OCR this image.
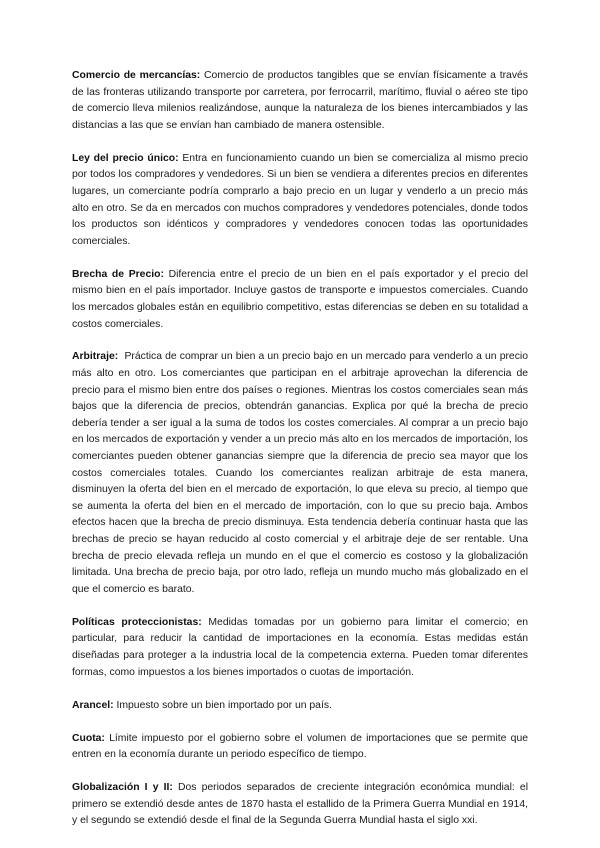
Comercio de mercancías: Comercio de productos tangibles que se envían físicamente a través de las fronteras utilizando transporte por carretera, por ferrocarril, marítimo, fluvial o aéreo ste tipo de comercio lleva milenios realizándose, aunque la naturaleza de los bienes intercambiados y las distancias a las que se envían han cambiado de manera ostensible.

Ley del precio único: Entra en funcionamiento cuando un bien se comercializa al mismo precio por todos los compradores y vendedores. Si un bien se vendiera a diferentes precios en diferentes lugares, un comerciante podría comprarlo a bajo precio en un lugar y venderlo a un precio más alto en otro. Se da en mercados con muchos compradores y vendedores potenciales, donde todos los productos son idénticos y compradores y vendedores conocen todas las oportunidades comerciales.

Brecha de Precio: Diferencia entre el precio de un bien en el país exportador y el precio del mismo bien en el país importador. Incluye gastos de transporte e impuestos comerciales. Cuando los mercados globales están en equilibrio competitivo, estas diferencias se deben en su totalidad a costos comerciales.

Arbitraje: Práctica de comprar un bien a un precio bajo en un mercado para venderlo a un precio más alto en otro. Los comerciantes que participan en el arbitraje aprovechan la diferencia de precio para el mismo bien entre dos países o regiones. Mientras los costos comerciales sean más bajos que la diferencia de precios, obtendrán ganancias. Explica por qué la brecha de precio debería tender a ser igual a la suma de todos los costes comerciales. Al comprar a un precio bajo en los mercados de exportación y vender a un precio más alto en los mercados de importación, los comerciantes pueden obtener ganancias siempre que la diferencia de precio sea mayor que los costos comerciales totales. Cuando los comerciantes realizan arbitraje de esta manera, disminuyen la oferta del bien en el mercado de exportación, lo que eleva su precio, al tiempo que se aumenta la oferta del bien en el mercado de importación, con lo que su precio baja. Ambos efectos hacen que la brecha de precio disminuya. Esta tendencia debería continuar hasta que las brechas de precio se hayan reducido al costo comercial y el arbitraje deje de ser rentable. Una brecha de precio elevada refleja un mundo en el que el comercio es costoso y la globalización limitada. Una brecha de precio baja, por otro lado, refleja un mundo mucho más globalizado en el que el comercio es barato.

Políticas proteccionistas: Medidas tomadas por un gobierno para limitar el comercio; en particular, para reducir la cantidad de importaciones en la economía. Estas medidas están diseñadas para proteger a la industria local de la competencia externa. Pueden tomar diferentes formas, como impuestos a los bienes importados o cuotas de importación.

Arancel: Impuesto sobre un bien importado por un país.

Cuota: Límite impuesto por el gobierno sobre el volumen de importaciones que se permite que entren en la economía durante un periodo específico de tiempo.

Globalización I y II: Dos periodos separados de creciente integración económica mundial: el primero se extendió desde antes de 1870 hasta el estallido de la Primera Guerra Mundial en 1914, y el segundo se extendió desde el final de la Segunda Guerra Mundial hasta el siglo xxi.
